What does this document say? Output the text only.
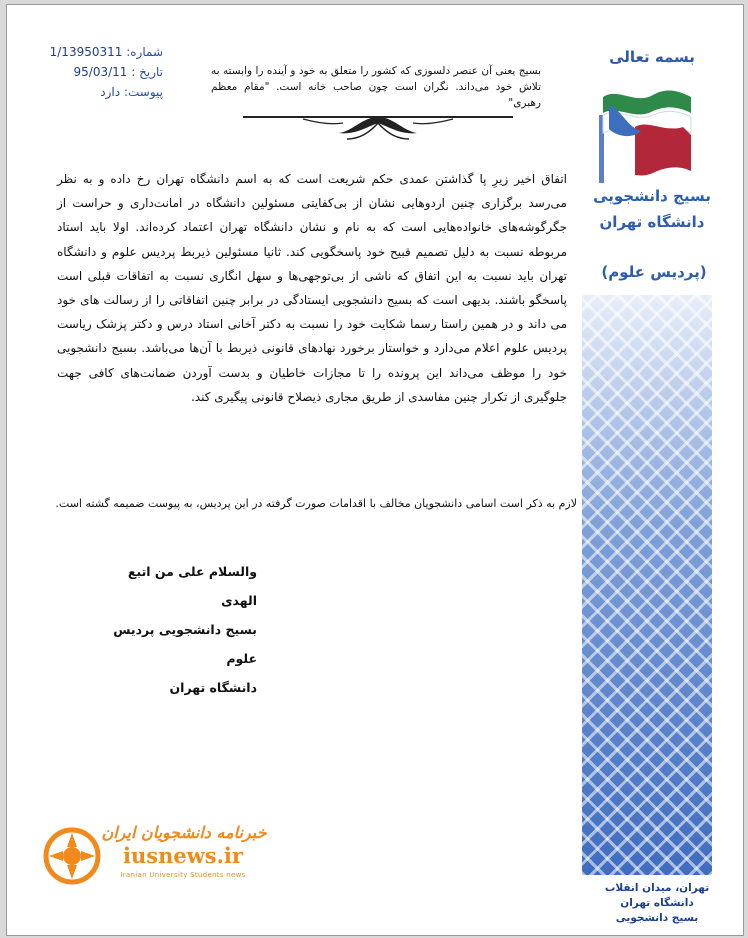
شماره: 1/13950311
تاریخ : 95/03/11
پیوست: دارد
بسیج یعنی آن عنصر دلسوزی که کشور را متعلق به خود و آینده را وابسته به تلاش خود می‌داند. نگران است چون صاحب خانه است. "مقام معظم رهبری"
اتفاق اخیر زیرِ پا گذاشتن عمدی حکم شریعت است که به اسم دانشگاه تهران رخ داده و به نظر می‌رسد برگزاری چنین اردوهایی نشان از بی‌کفایتی مسئولین دانشگاه در امانت‌داری و حراست از جگرگوشه‌های خانواده‌هایی است که به نام و نشان دانشگاه تهران اعتماد کرده‌اند. اولا باید استاد مربوطه نسبت به دلیل تصمیم قبیح خود پاسخگویی کند. ثانیا مسئولین ذیربط پردیس علوم و دانشگاه تهران باید نسبت به این اتفاق که ناشی از بی‌توجهی‌ها و سهل انگاری نسبت به اتفاقات قبلی است پاسخگو باشند. بدیهی است که بسیج دانشجویی ایستادگی در برابر چنین اتفاقاتی را از رسالت های خود می داند و در همین راستا رسما شکایت خود را نسبت به دکتر آخانی استاد درس و دکتر پزشک ریاست پردیس علوم اعلام می‌دارد و خواستار برخورد نهادهای قانونی ذیربط با آن‌ها می‌باشد. بسیج دانشجویی خود را موظف می‌داند این پرونده را تا مجازات خاطیان و بدست آوردن ضمانت‌های کافی جهت جلوگیری از تکرار چنین مفاسدی از طریق مجاری ذیصلاح قانونی پیگیری کند.
لازم به ذکر است اسامی دانشجویان مخالف با اقدامات صورت گرفته در این پردیس، به پیوست ضمیمه گشته است.
والسلام علی من اتبع الهدی
بسیج دانشجویی پردیس علوم
دانشگاه تهران
بسمه تعالی
بسیج دانشجویی
دانشگاه تهران
(پردیس علوم)
تهران، میدان انقلاب
دانشگاه تهران
بسیج دانشجویی
خبرنامه دانشجویان ایران
iusnews.ir
Iranian University Students news
